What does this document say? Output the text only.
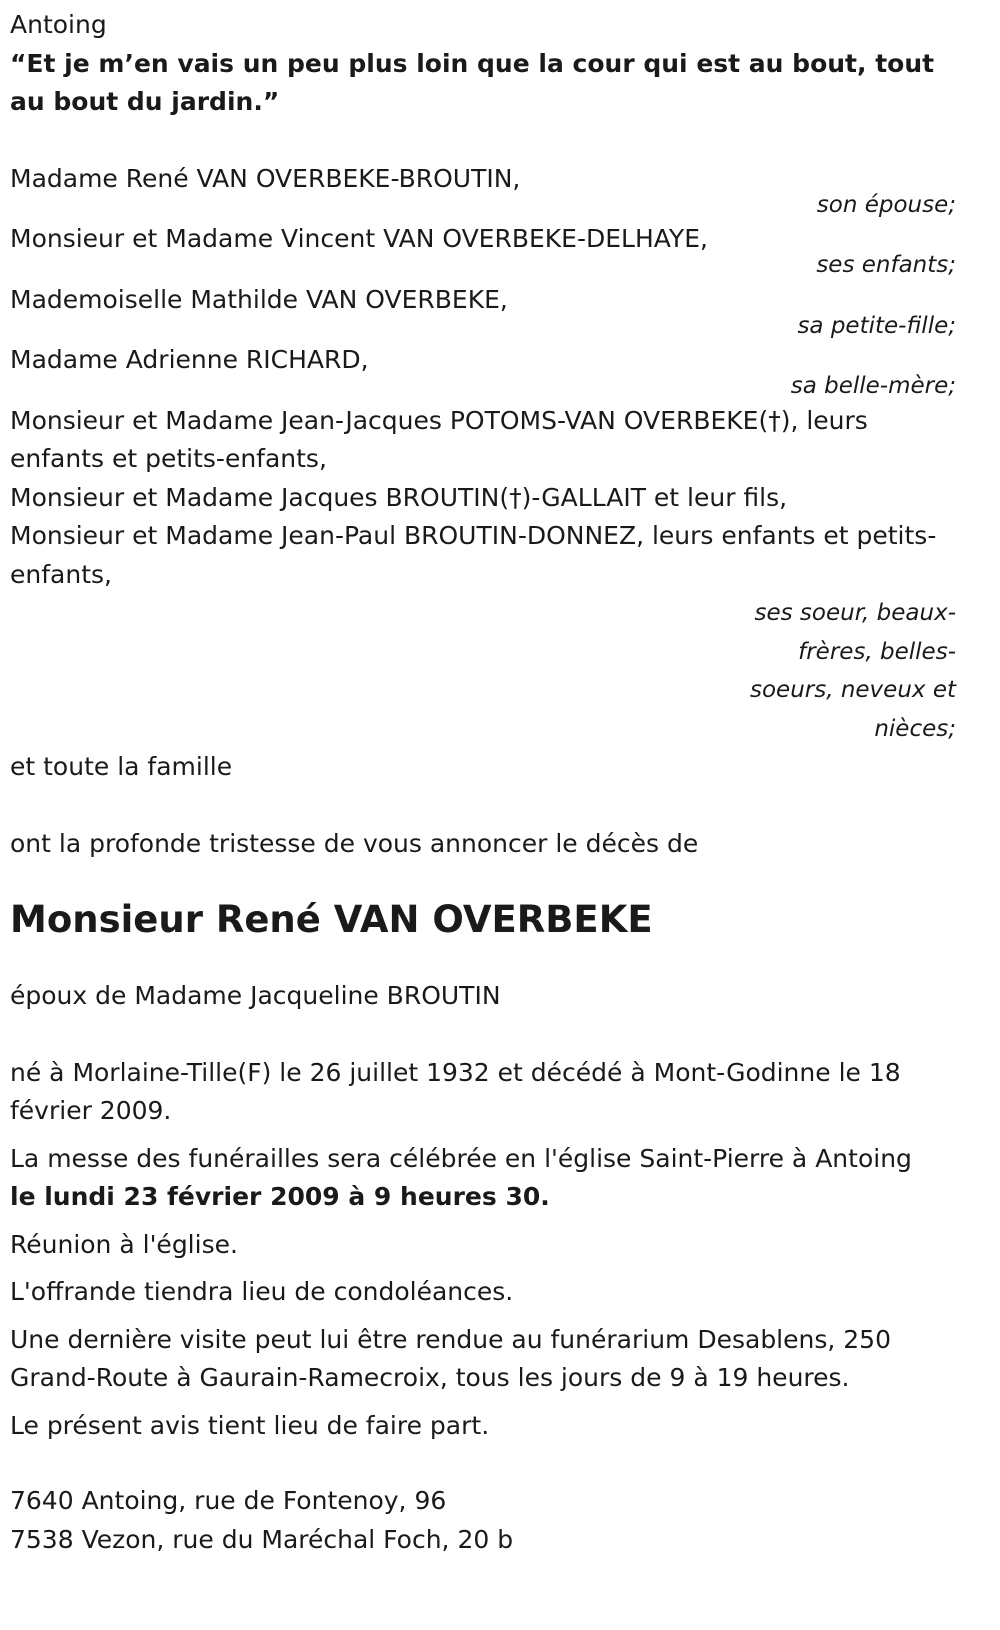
Antoing
“Et je m’en vais un peu plus loin que la cour qui est au bout, tout au bout du jardin.”
Madame René VAN OVERBEKE-BROUTIN,
son épouse;
Monsieur et Madame Vincent VAN OVERBEKE-DELHAYE,
ses enfants;
Mademoiselle Mathilde VAN OVERBEKE,
sa petite-fille;
Madame Adrienne RICHARD,
sa belle-mère;
Monsieur et Madame Jean-Jacques POTOMS-VAN OVERBEKE(†), leurs enfants et petits-enfants,
Monsieur et Madame Jacques BROUTIN(†)-GALLAIT et leur fils,
Monsieur et Madame Jean-Paul BROUTIN-DONNEZ, leurs enfants et petits-enfants,
ses soeur, beaux-frères, belles-soeurs, neveux et nièces;
et toute la famille
ont la profonde tristesse de vous annoncer le décès de
Monsieur René VAN OVERBEKE
époux de Madame Jacqueline BROUTIN
né à Morlaine-Tille(F) le 26 juillet 1932 et décédé à Mont-Godinne le 18 février 2009.
La messe des funérailles sera célébrée en l'église Saint-Pierre à Antoing
le lundi 23 février 2009 à 9 heures 30.
Réunion à l'église.
L'offrande tiendra lieu de condoléances.
Une dernière visite peut lui être rendue au funérarium Desablens, 250 Grand-Route à Gaurain-Ramecroix, tous les jours de 9 à 19 heures.
Le présent avis tient lieu de faire part.
7640 Antoing, rue de Fontenoy, 96
7538 Vezon, rue du Maréchal Foch, 20 b
